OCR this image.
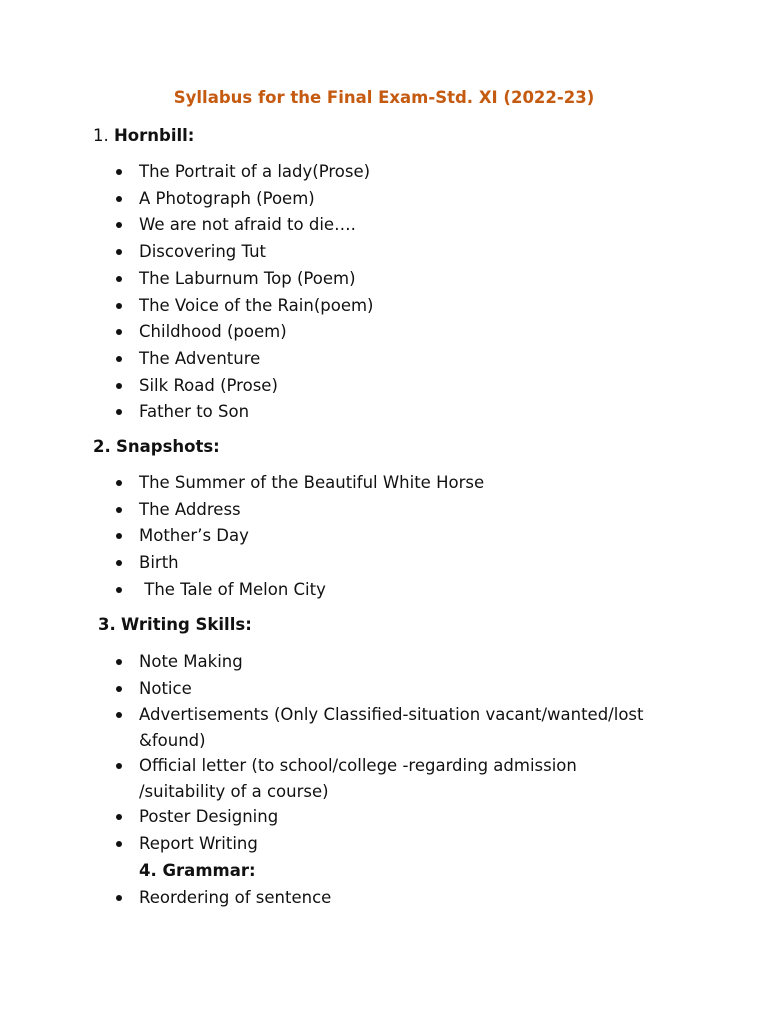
Syllabus for the Final Exam-Std. XI (2022-23)
1. Hornbill:
The Portrait of a lady(Prose)
A Photograph (Poem)
We are not afraid to die….
Discovering Tut
The Laburnum Top (Poem)
The Voice of the Rain(poem)
Childhood (poem)
The Adventure
Silk Road (Prose)
Father to Son
2. Snapshots:
The Summer of the Beautiful White Horse
The Address
Mother’s Day
Birth
The Tale of Melon City
3. Writing Skills:
Note Making
Notice
Advertisements (Only Classified-situation vacant/wanted/lost &found)
Official letter (to school/college -regarding admission /suitability of a course)
Poster Designing
Report Writing
4. Grammar:
Reordering of sentence
